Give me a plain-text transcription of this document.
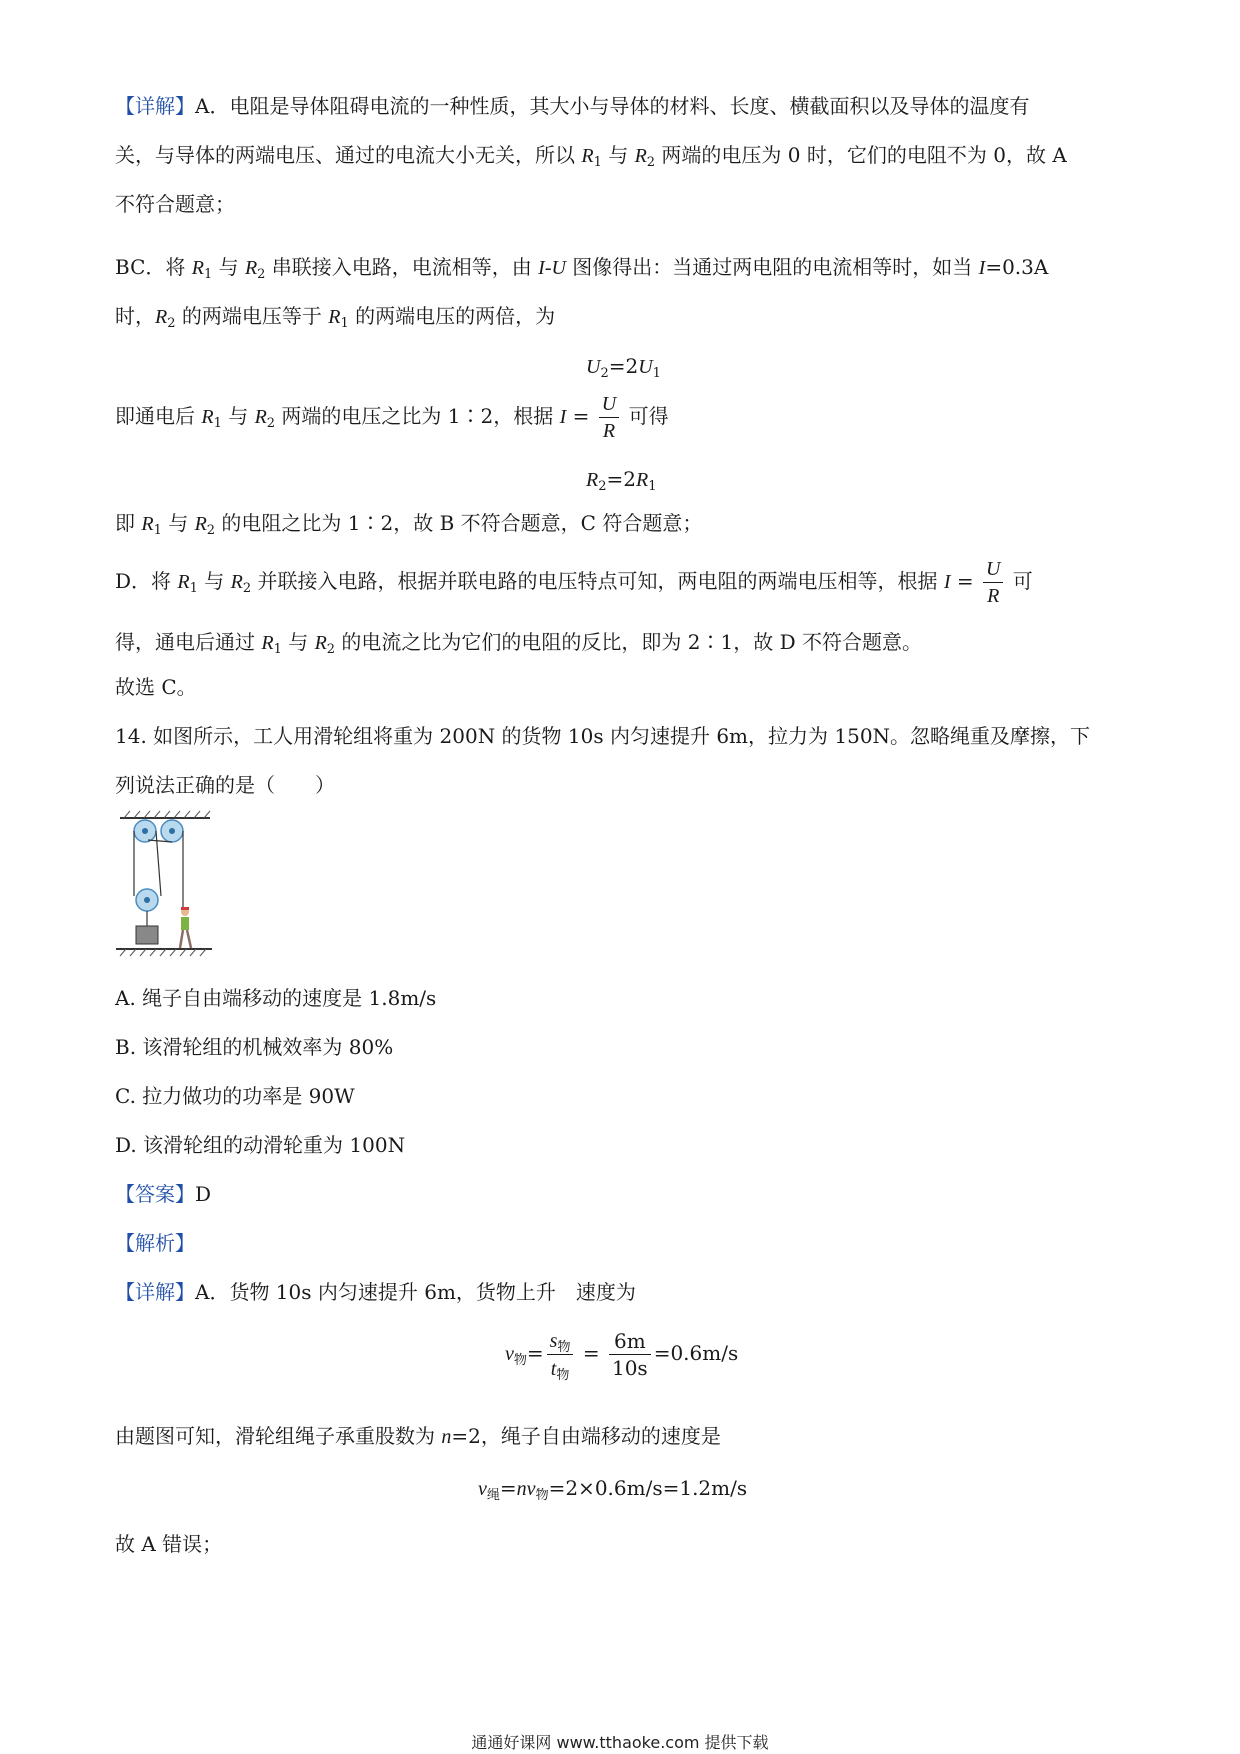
【详解】A．电阻是导体阻碍电流的一种性质，其大小与导体的材料、长度、横截面积以及导体的温度有
关，与导体的两端电压、通过的电流大小无关，所以 $R_1$ 与 $R_2$ 两端的电压为 0 时，它们的电阻不为 0，故 A
不符合题意；
BC．将 $R_1$ 与 $R_2$ 串联接入电路，电流相等，由 I-U 图像得出：当通过两电阻的电流相等时，如当 I=0.3A
时，$R_2$ 的两端电压等于 $R_1$ 的两端电压的两倍，为
$U_2=2U_1$
即通电后 $R_1$ 与 $R_2$ 两端的电压之比为 1∶2，根据 $I = \frac{U}{R}$ 可得
$R_2=2R_1$
即 $R_1$ 与 $R_2$ 的电阻之比为 1∶2，故 B 不符合题意，C 符合题意；
D．将 $R_1$ 与 $R_2$ 并联接入电路，根据并联电路的电压特点可知，两电阻的两端电压相等，根据 $I = \frac{U}{R}$ 可
得，通电后通过 $R_1$ 与 $R_2$ 的电流之比为它们的电阻的反比，即为 2∶1，故 D 不符合题意。
故选 C。
14. 如图所示，工人用滑轮组将重为 200N 的货物 10s 内匀速提升 6m，拉力为 150N。忽略绳重及摩擦，下
列说法正确的是（　　）
A. 绳子自由端移动的速度是 1.8m/s
B. 该滑轮组的机械效率为 80%
C. 拉力做功的功率是 90W
D. 该滑轮组的动滑轮重为 100N
【答案】D
【解析】
【详解】A．货物 10s 内匀速提升 6m，货物上升　速度为
$v_物= \frac{s_物}{t_物} = \frac{6m}{10s} =0.6m/s$
由题图可知，滑轮组绳子承重股数为 n=2，绳子自由端移动的速度是
$v_绳=nv_物=2\times 0.6m/s=1.2m/s$
故 A 错误；
通通好课网 www.tthaoke.com 提供下载
